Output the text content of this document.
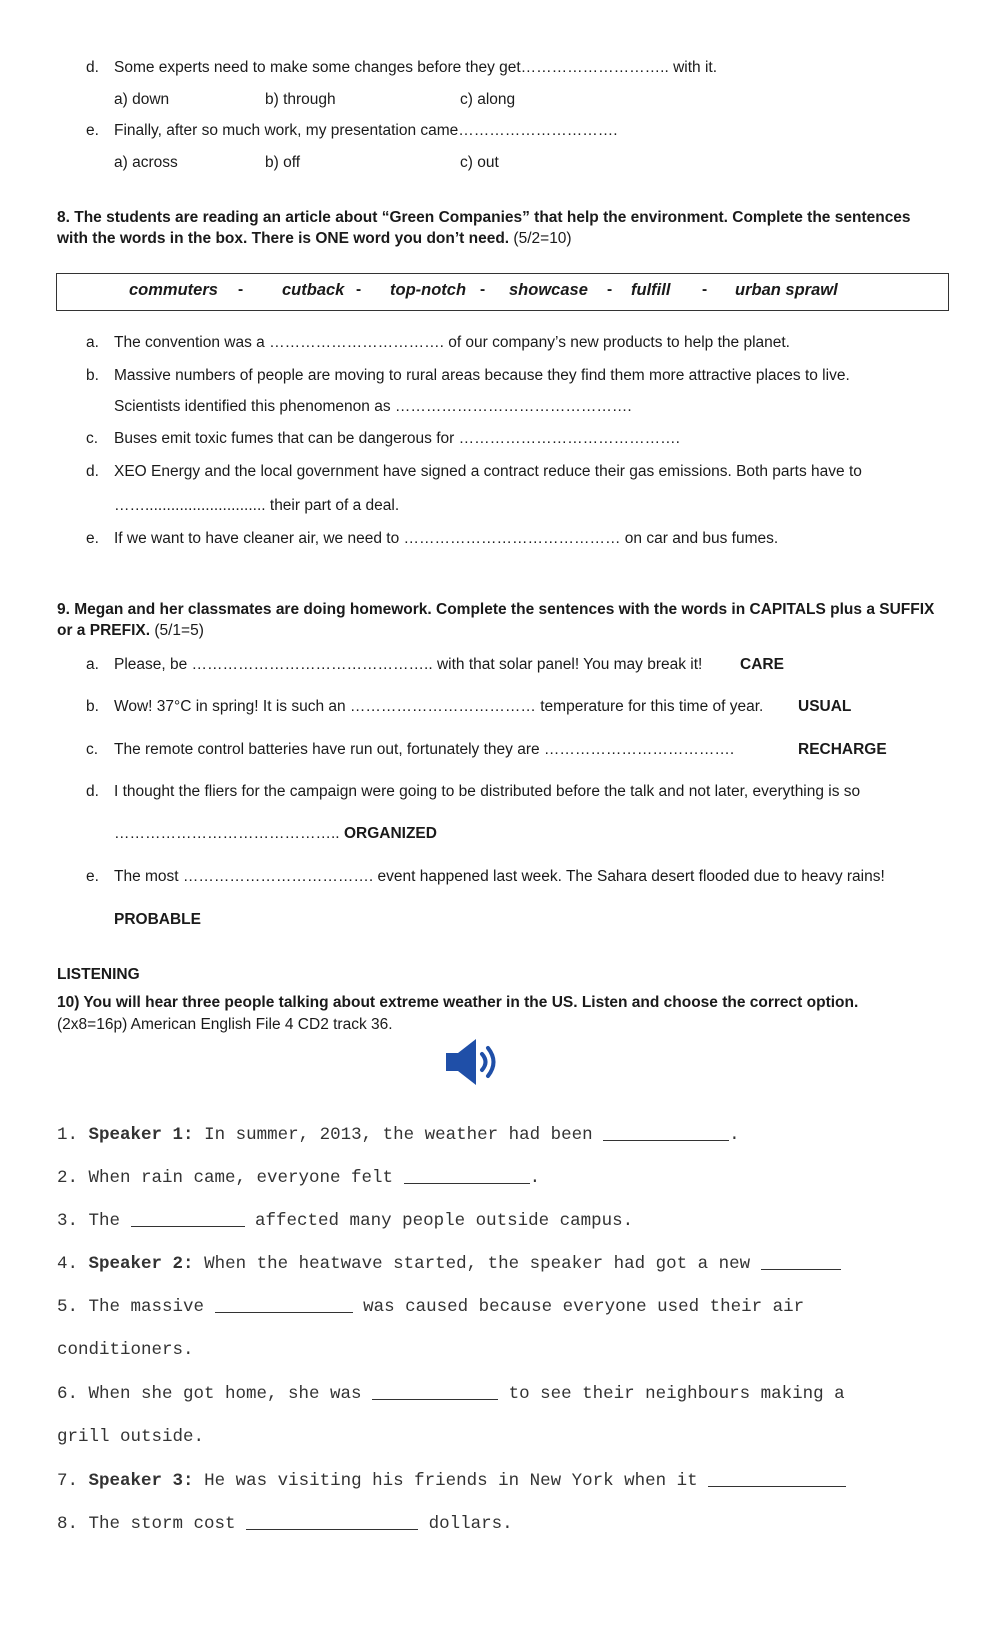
d. Some experts need to make some changes before they get……………………….. with it.
a) down	b) through	c) along
e. Finally, after so much work, my presentation came………………………….
a) across	b) off	c) out
8. The students are reading an article about “Green Companies” that help the environment. Complete the sentences
with the words in the box. There is ONE word you don’t need. (5/2=10)
commuters - cutback - top-notch - showcase - fulfill - urban sprawl
a. The convention was a ……………………………. of our company’s new products to help the planet.
b. Massive numbers of people are moving to rural areas because they find them more attractive places to live.
Scientists identified this phenomenon as ……………………………………….
c. Buses emit toxic fumes that can be dangerous for …………………………………….
d. XEO Energy and the local government have signed a contract reduce their gas emissions. Both parts have to
……............................ their part of a deal.
e. If we want to have cleaner air, we need to …………………………………… on car and bus fumes.
9. Megan and her classmates are doing homework. Complete the sentences with the words in CAPITALS plus a SUFFIX
or a PREFIX. (5/1=5)
a. Please, be ……………………………………….. with that solar panel! You may break it! CARE
b. Wow! 37°C in spring! It is such an ……………………………… temperature for this time of year. USUAL
c. The remote control batteries have run out, fortunately they are ……………………………….	RECHARGE
d. I thought the fliers for the campaign were going to be distributed before the talk and not later, everything is so
…………………………………….. ORGANIZED
e. The most ………………………………. event happened last week. The Sahara desert flooded due to heavy rains!
PROBABLE
LISTENING
10) You will hear three people talking about extreme weather in the US. Listen and choose the correct option.
(2x8=16p) American English File 4 CD2 track 36.
1. Speaker 1: In summer, 2013, the weather had been	.
2. When rain came, everyone felt	.
3. The	affected many people outside campus.
4. Speaker 2: When the heatwave started, the speaker had got a new
5. The massive	was caused because everyone used their air
conditioners.
6. When she got home, she was	to see their neighbours making a
grill outside.
7. Speaker 3: He was visiting his friends in New York when it
8. The storm cost	dollars.
